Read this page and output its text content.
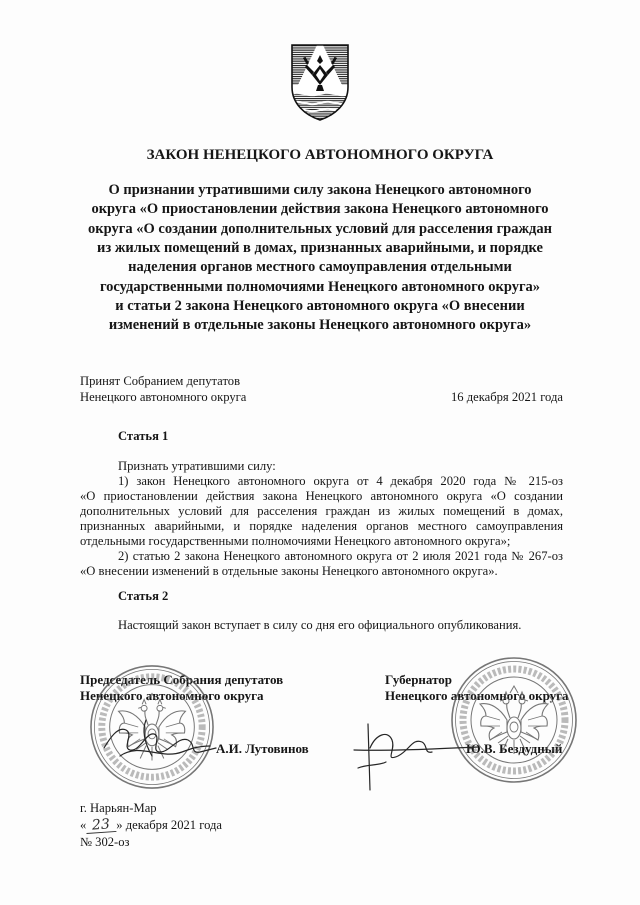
ЗАКОН НЕНЕЦКОГО АВТОНОМНОГО ОКРУГА
О признании утратившими силу закона Ненецкого автономного
округа «О приостановлении действия закона Ненецкого автономного
округа «О создании дополнительных условий для расселения граждан
из жилых помещений в домах, признанных аварийными, и порядке
наделения органов местного самоуправления отдельными
государственными полномочиями Ненецкого автономного округа»
и статьи 2 закона Ненецкого автономного округа «О внесении
изменений в отдельные законы Ненецкого автономного округа»
Принят Собранием депутатов
Ненецкого автономного округа	16 декабря 2021 года
Статья 1
Признать утратившими силу:
1) закон Ненецкого автономного округа от 4 декабря 2020 года № 215-оз
«О приостановлении действия закона Ненецкого автономного округа «О создании
дополнительных условий для расселения граждан из жилых помещений в домах,
признанных аварийными, и порядке наделения органов местного самоуправления
отдельными государственными полномочиями Ненецкого автономного округа»;
2) статью 2 закона Ненецкого автономного округа от 2 июля 2021 года № 267-оз
«О внесении изменений в отдельные законы Ненецкого автономного округа».
Статья 2
Настоящий закон вступает в силу со дня его официального опубликования.
Председатель Собрания депутатов
Ненецкого автономного округа
А.И. Лутовинов
Губернатор
Ненецкого автономного округа
Ю.В. Бездудный
г. Нарьян-Мар
« 23 » декабря 2021 года
№ 302-оз
